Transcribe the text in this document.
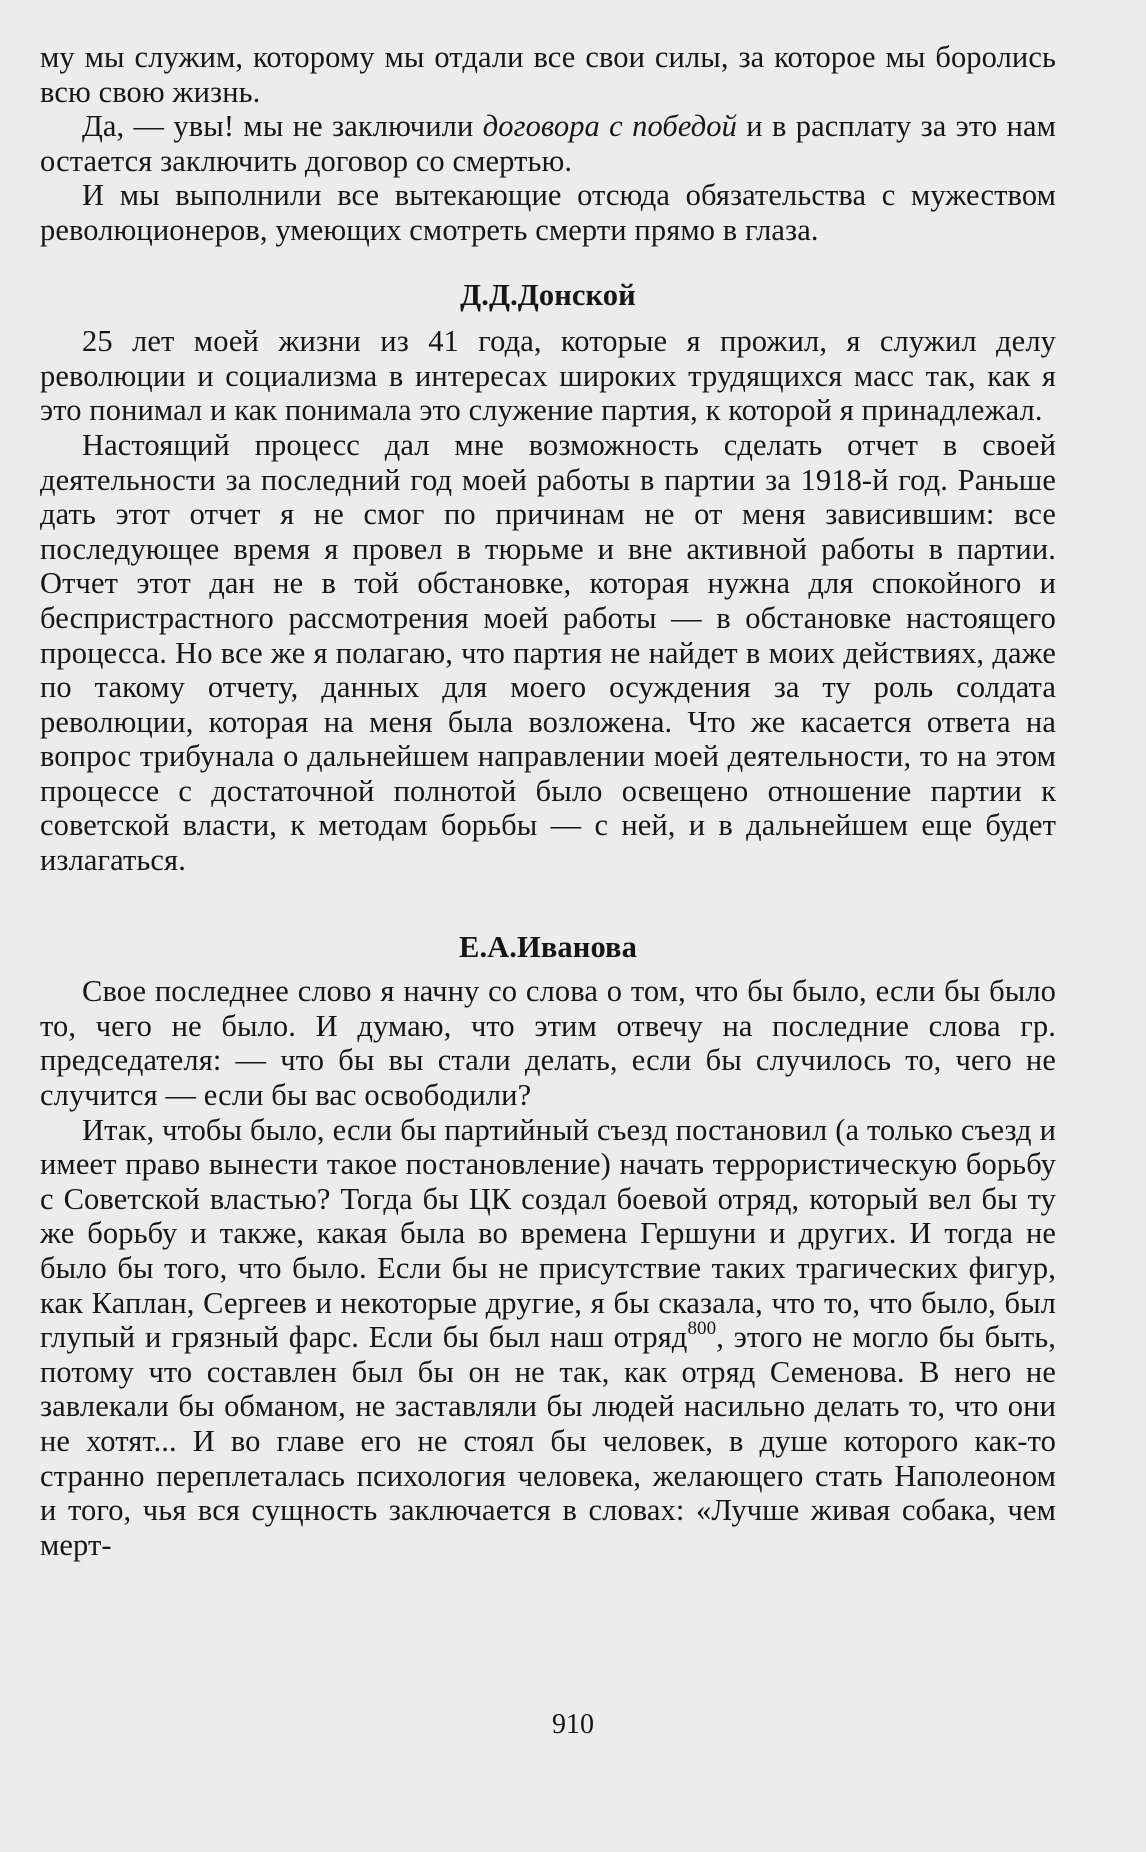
му мы служим, которому мы отдали все свои силы, за которое мы боролись всю свою жизнь.

Да, — увы! мы не заключили договора с победой и в расплату за это нам остается заключить договор со смертью.

И мы выполнили все вытекающие отсюда обязательства с мужеством революционеров, умеющих смотреть смерти прямо в глаза.

Д.Д.Донской

25 лет моей жизни из 41 года, которые я прожил, я служил делу революции и социализма в интересах широких трудящихся масс так, как я это понимал и как понимала это служение партия, к которой я принадлежал.

Настоящий процесс дал мне возможность сделать отчет в своей деятельности за последний год моей работы в партии за 1918-й год. Раньше дать этот отчет я не смог по причинам не от меня зависившим: все последующее время я провел в тюрьме и вне активной работы в партии. Отчет этот дан не в той обстановке, которая нужна для спокойного и беспристрастного рассмотрения моей работы — в обстановке настоящего процесса. Но все же я полагаю, что партия не найдет в моих действиях, даже по такому отчету, данных для моего осуждения за ту роль солдата революции, которая на меня была возложена. Что же касается ответа на вопрос трибунала о дальнейшем направлении моей деятельности, то на этом процессе с достаточной полнотой было освещено отношение партии к советской власти, к методам борьбы — с ней, и в дальнейшем еще будет излагаться.

Е.А.Иванова

Свое последнее слово я начну со слова о том, что бы было, если бы было то, чего не было. И думаю, что этим отвечу на последние слова гр. председателя: — что бы вы стали делать, если бы случилось то, чего не случится — если бы вас освободили?

Итак, чтобы было, если бы партийный съезд постановил (а только съезд и имеет право вынести такое постановление) начать террористическую борьбу с Советской властью? Тогда бы ЦК создал боевой отряд, который вел бы ту же борьбу и также, какая была во времена Гершуни и других. И тогда не было бы того, что было. Если бы не присутствие таких трагических фигур, как Каплан, Сергеев и некоторые другие, я бы сказала, что то, что было, был глупый и грязный фарс. Если бы был наш отряд$^{800}$, этого не могло бы быть, потому что составлен был бы он не так, как отряд Семенова. В него не завлекали бы обманом, не заставляли бы людей насильно делать то, что они не хотят... И во главе его не стоял бы человек, в душе которого как-то странно переплеталась психология человека, желающего стать Наполеоном и того, чья вся сущность заключается в словах: «Лучше живая собака, чем мерт-

910
